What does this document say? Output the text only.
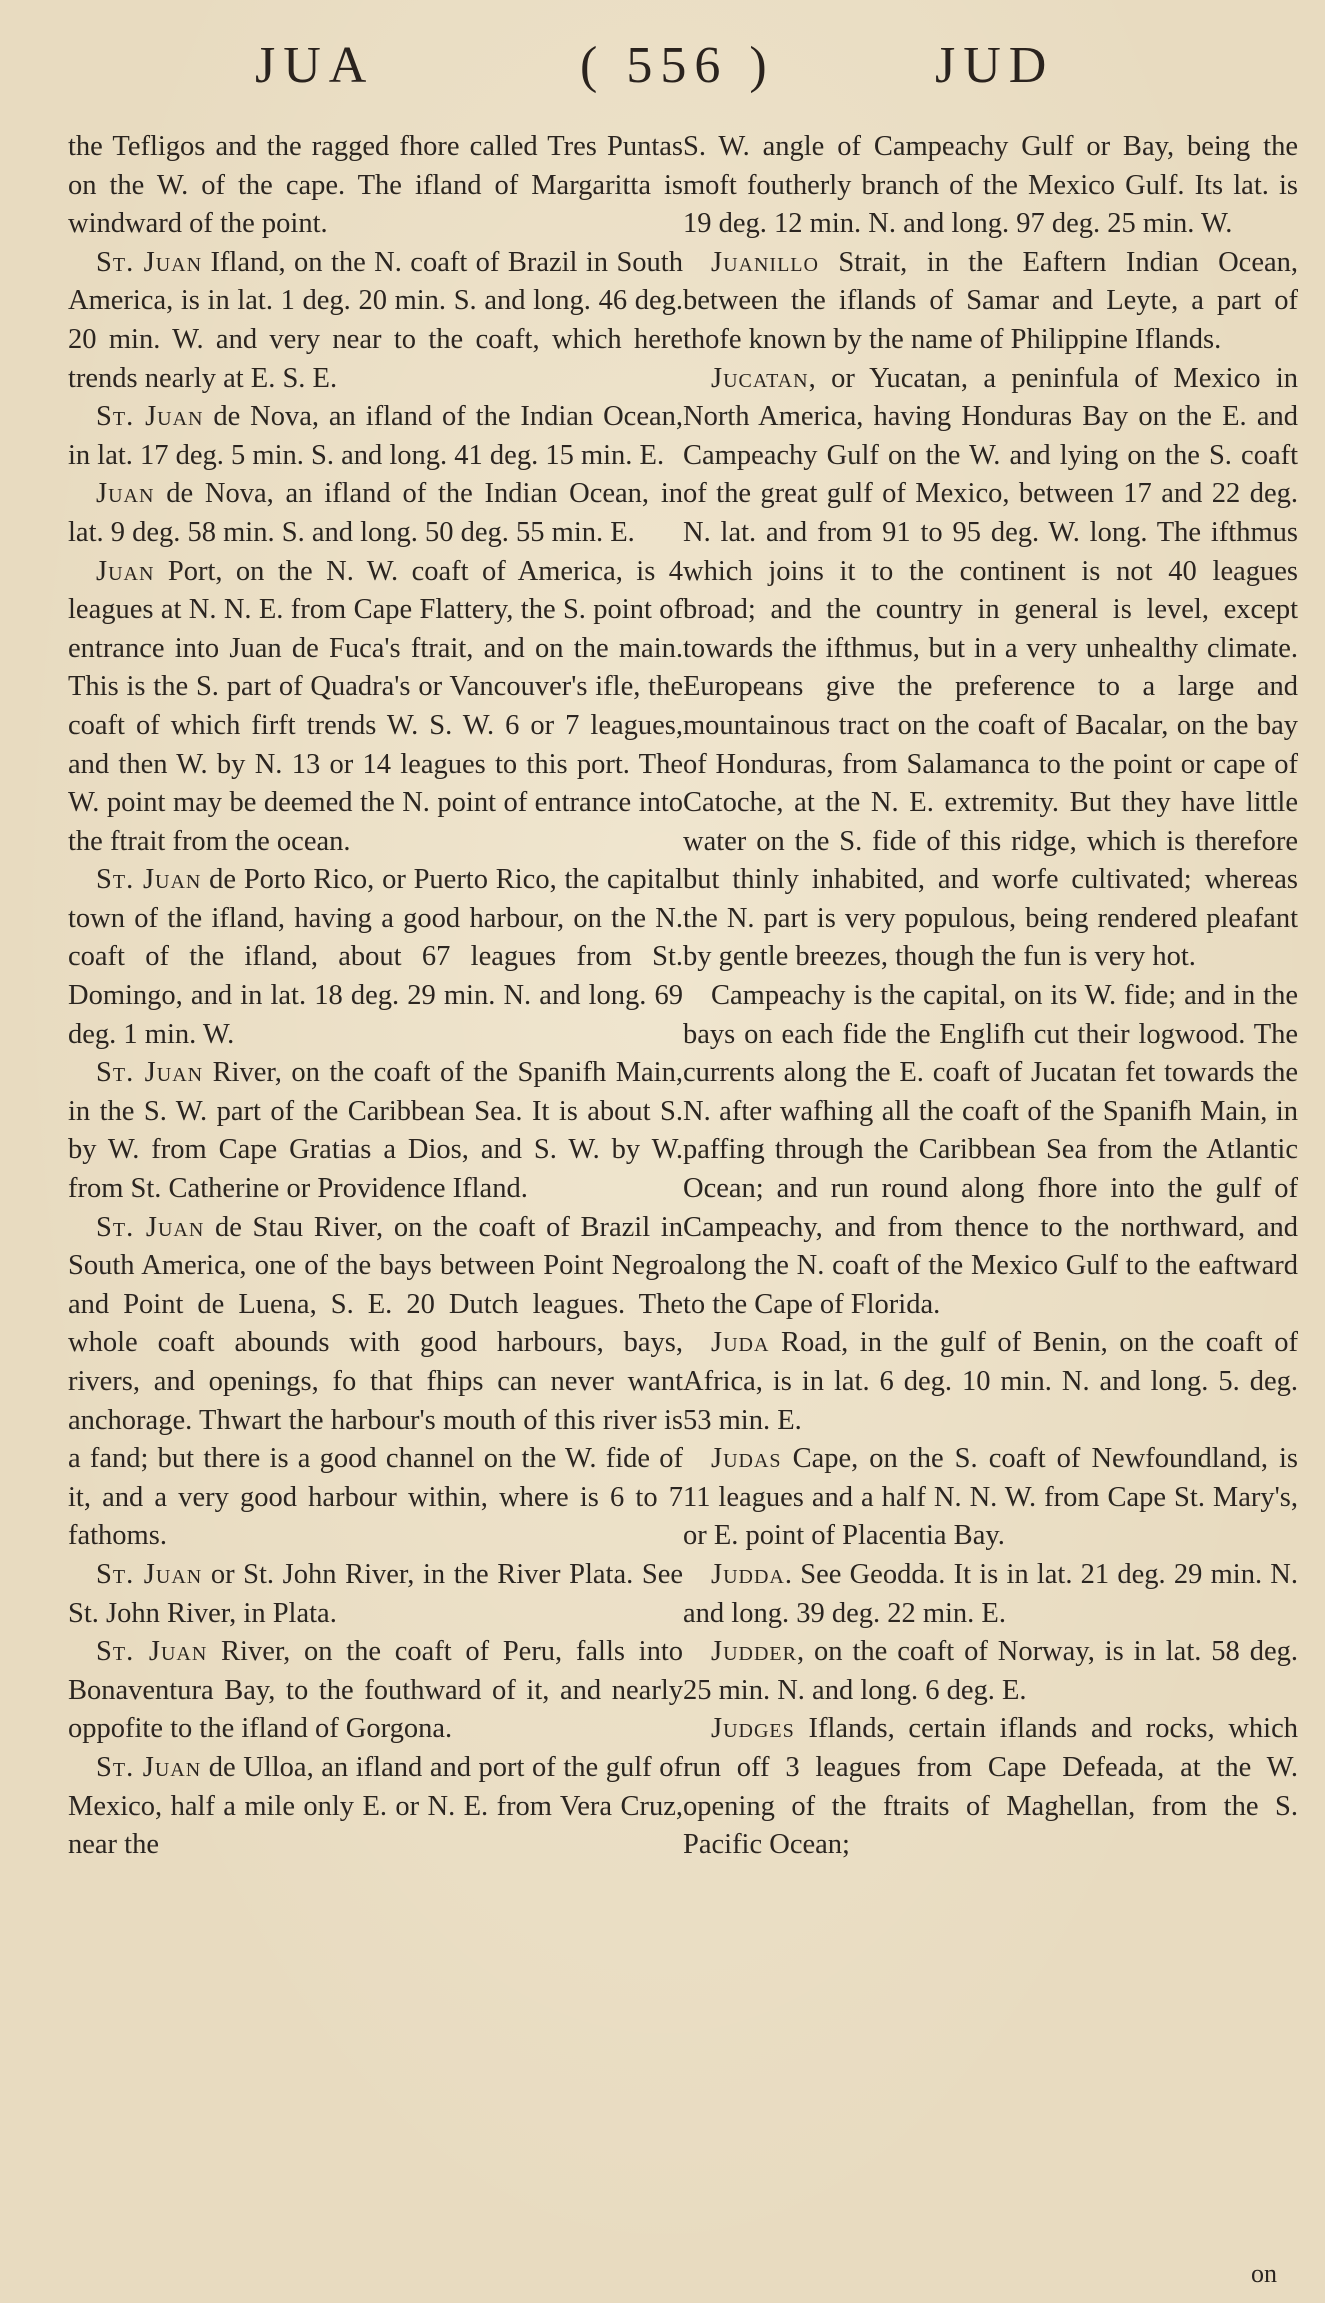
JUA	( 556 )	JUD

the Tefligos and the ragged fhore called Tres Puntas on the W. of the cape. The ifland of Margaritta is windward of the point.

St. Juan Ifland, on the N. coaft of Brazil in South America, is in lat. 1 deg. 20 min. S. and long. 46 deg. 20 min. W. and very near to the coaft, which here trends nearly at E. S. E.

St. Juan de Nova, an ifland of the Indian Ocean, in lat. 17 deg. 5 min. S. and long. 41 deg. 15 min. E.

Juan de Nova, an ifland of the Indian Ocean, in lat. 9 deg. 58 min. S. and long. 50 deg. 55 min. E.

Juan Port, on the N. W. coaft of America, is 4 leagues at N. N. E. from Cape Flattery, the S. point of entrance into Juan de Fuca's ftrait, and on the main. This is the S. part of Quadra's or Vancouver's ifle, the coaft of which firft trends W. S. W. 6 or 7 leagues, and then W. by N. 13 or 14 leagues to this port. The W. point may be deemed the N. point of entrance into the ftrait from the ocean.

St. Juan de Porto Rico, or Puerto Rico, the capital town of the ifland, having a good harbour, on the N. coaft of the ifland, about 67 leagues from St. Domingo, and in lat. 18 deg. 29 min. N. and long. 69 deg. 1 min. W.

St. Juan River, on the coaft of the Spanifh Main, in the S. W. part of the Caribbean Sea. It is about S. by W. from Cape Gratias a Dios, and S. W. by W. from St. Catherine or Providence Ifland.

St. Juan de Stau River, on the coaft of Brazil in South America, one of the bays between Point Negro and Point de Luena, S. E. 20 Dutch leagues. The whole coaft abounds with good harbours, bays, rivers, and openings, fo that fhips can never want anchorage. Thwart the harbour's mouth of this river is a fand; but there is a good channel on the W. fide of it, and a very good harbour within, where is 6 to 7 fathoms.

St. Juan or St. John River, in the River Plata. See St. John River, in Plata.

St. Juan River, on the coaft of Peru, falls into Bonaventura Bay, to the fouthward of it, and nearly oppofite to the ifland of Gorgona.

St. Juan de Ulloa, an ifland and port of the gulf of Mexico, half a mile only E. or N. E. from Vera Cruz, near the

S. W. angle of Campeachy Gulf or Bay, being the moft foutherly branch of the Mexico Gulf. Its lat. is 19 deg. 12 min. N. and long. 97 deg. 25 min. W.

Juanillo Strait, in the Eaftern Indian Ocean, between the iflands of Samar and Leyte, a part of thofe known by the name of Philippine Iflands.

Jucatan, or Yucatan, a peninfula of Mexico in North America, having Honduras Bay on the E. and Campeachy Gulf on the W. and lying on the S. coaft of the great gulf of Mexico, between 17 and 22 deg. N. lat. and from 91 to 95 deg. W. long. The ifthmus which joins it to the continent is not 40 leagues broad; and the country in general is level, except towards the ifthmus, but in a very unhealthy climate. Europeans give the preference to a large and mountainous tract on the coaft of Bacalar, on the bay of Honduras, from Salamanca to the point or cape of Catoche, at the N. E. extremity. But they have little water on the S. fide of this ridge, which is therefore but thinly inhabited, and worfe cultivated; whereas the N. part is very populous, being rendered pleafant by gentle breezes, though the fun is very hot.

Campeachy is the capital, on its W. fide; and in the bays on each fide the Englifh cut their logwood. The currents along the E. coaft of Jucatan fet towards the N. after wafhing all the coaft of the Spanifh Main, in paffing through the Caribbean Sea from the Atlantic Ocean; and run round along fhore into the gulf of Campeachy, and from thence to the northward, and along the N. coaft of the Mexico Gulf to the eaftward to the Cape of Florida.

Juda Road, in the gulf of Benin, on the coaft of Africa, is in lat. 6 deg. 10 min. N. and long. 5. deg. 53 min. E.

Judas Cape, on the S. coaft of Newfoundland, is 11 leagues and a half N. N. W. from Cape St. Mary's, or E. point of Placentia Bay.

Judda. See Geodda. It is in lat. 21 deg. 29 min. N. and long. 39 deg. 22 min. E.

Judder, on the coaft of Norway, is in lat. 58 deg. 25 min. N. and long. 6 deg. E.

Judges Iflands, certain iflands and rocks, which run off 3 leagues from Cape Defeada, at the W. opening of the ftraits of Maghellan, from the S. Pacific Ocean;

on
